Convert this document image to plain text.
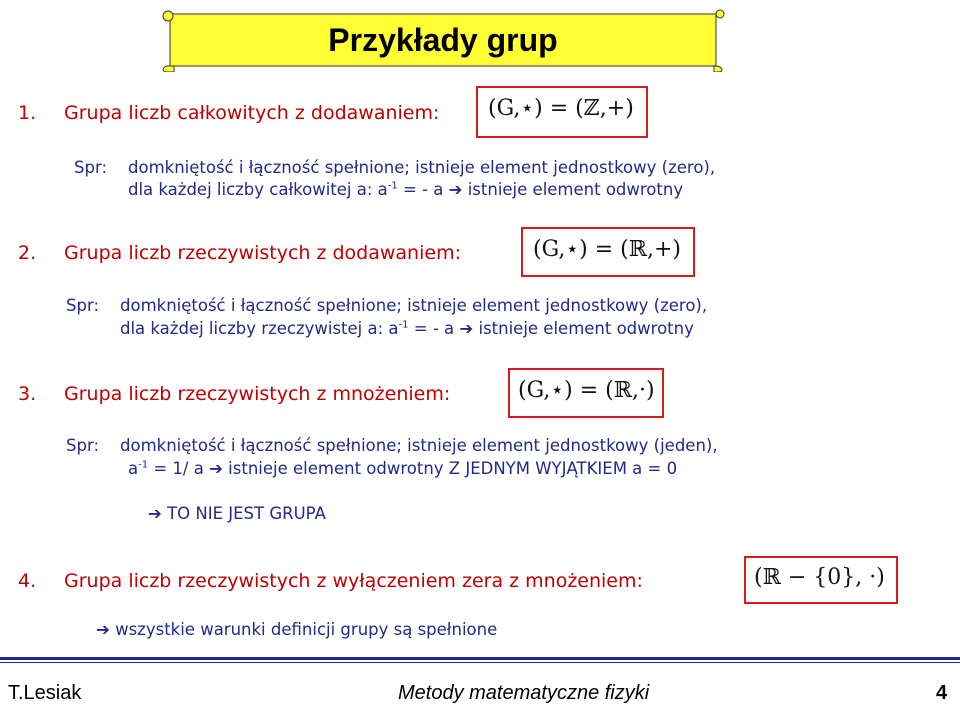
Przykłady grup
1. Grupa liczb całkowitych z dodawaniem: (G,⋆) = (ℤ,+)
Spr: domkniętość i łączność spełnione; istnieje element jednostkowy (zero),
dla każdej liczby całkowitej a: $a^{-1}$ = - a ➔ istnieje element odwrotny
2. Grupa liczb rzeczywistych z dodawaniem:	(G,⋆) = (ℝ,+)
Spr: domkniętość i łączność spełnione; istnieje element jednostkowy (zero),
dla każdej liczby rzeczywistej a: $a^{-1}$ = - a ➔ istnieje element odwrotny
3. Grupa liczb rzeczywistych z mnożeniem:	(G,⋆) = (ℝ,·)
Spr: domkniętość i łączność spełnione; istnieje element jednostkowy (jeden),
$a^{-1} = 1/$ a ➔ istnieje element odwrotny Z JEDNYM WYJĄTKIEM a = 0
➔ TO NIE JEST GRUPA
4. Grupa liczb rzeczywistych z wyłączeniem zera z mnożeniem:	(ℝ − {0}, ·)
➔ wszystkie warunki definicji grupy są spełnione
T.Lesiak	Metody matematyczne fizyki	4
